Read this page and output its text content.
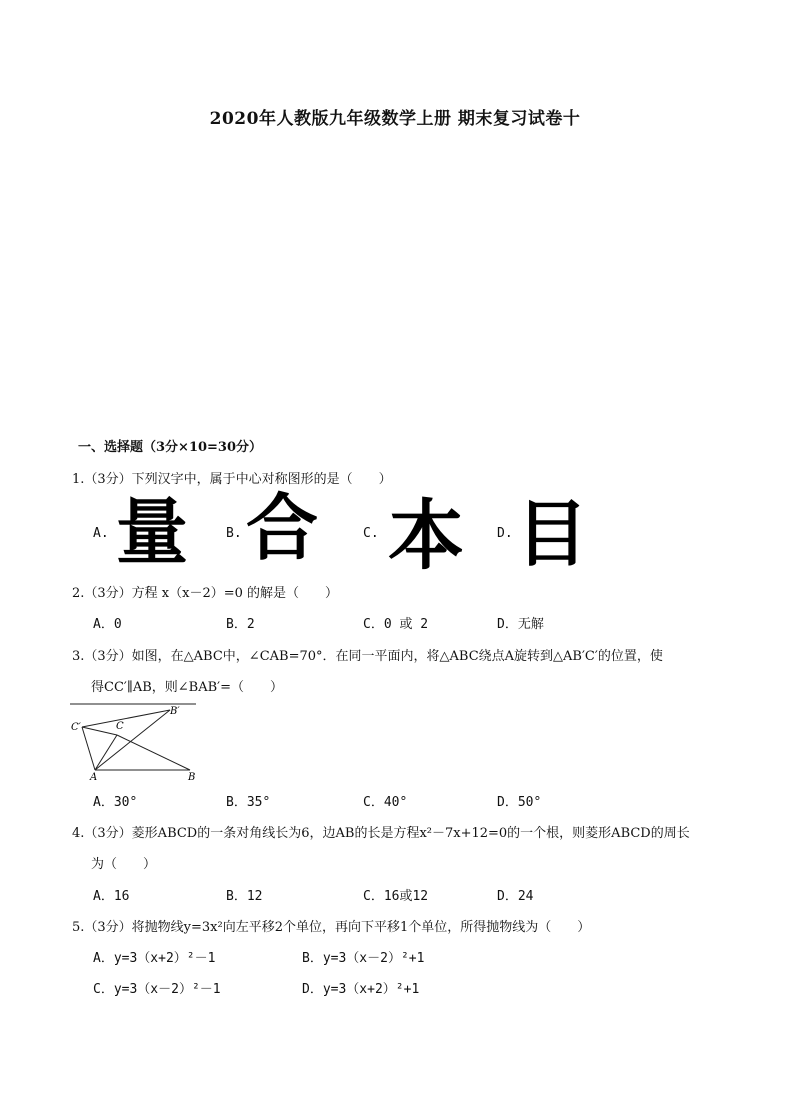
2020年人教版九年级数学上册 期末复习试卷十
一、选择题（3分×10=30分）
1.（3分）下列汉字中，属于中心对称图形的是（　　）
A. 量	B. 合	C. 本	D. 目
2.（3分）方程 x（x－2）=0 的解是（　　）
A．0	B．2	C．0 或 2	D．无解
3.（3分）如图，在△ABC中，∠CAB=70°．在同一平面内，将△ABC绕点A旋转到△AB′C′的位置，使
得CC′∥AB，则∠BAB′=（　　）
C′	C
B′
A	B
A．30°	B．35°	C．40°	D．50°
4.（3分）菱形ABCD的一条对角线长为6，边AB的长是方程x²－7x+12=0的一个根，则菱形ABCD的周长
为（　　）
A．16	B．12	C．16或12	D．24
5.（3分）将抛物线y=3x²向左平移2个单位，再向下平移1个单位，所得抛物线为（　　）
A．y=3（x+2）²－1	B．y=3（x－2）²+1
C．y=3（x－2）²－1	D．y=3（x+2）²+1
